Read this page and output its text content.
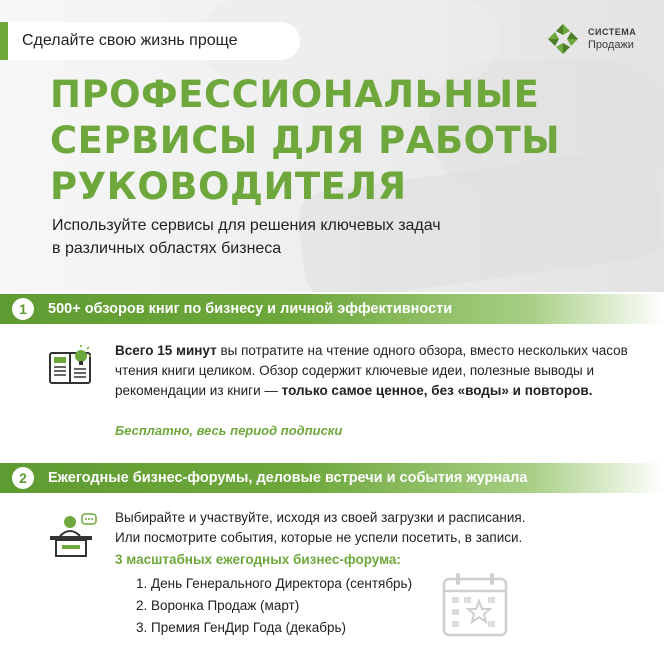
Сделайте свою жизнь проще	СИСТЕМА
Продажи
ПРОФЕССИОНАЛЬНЫЕ
СЕРВИСЫ ДЛЯ РАБОТЫ
РУКОВОДИТЕЛЯ
Используйте сервисы для решения ключевых задач
в различных областях бизнеса
1	500+ обзоров книг по бизнесу и личной эффективности
Всего 15 минут вы потратите на чтение одного обзора, вместо нескольких часов чтения книги целиком. Обзор содержит ключевые идеи, полезные выводы и рекомендации из книги — только самое ценное, без «воды» и повторов.
Бесплатно, весь период подписки
2	Ежегодные бизнес-форумы, деловые встречи и события журнала
Выбирайте и участвуйте, исходя из своей загрузки и расписания.
Или посмотрите события, которые не успели посетить, в записи.
3 масштабных ежегодных бизнес-форума:
1. День Генерального Директора (сентябрь)
2. Воронка Продаж (март)
3. Премия ГенДир Года (декабрь)
